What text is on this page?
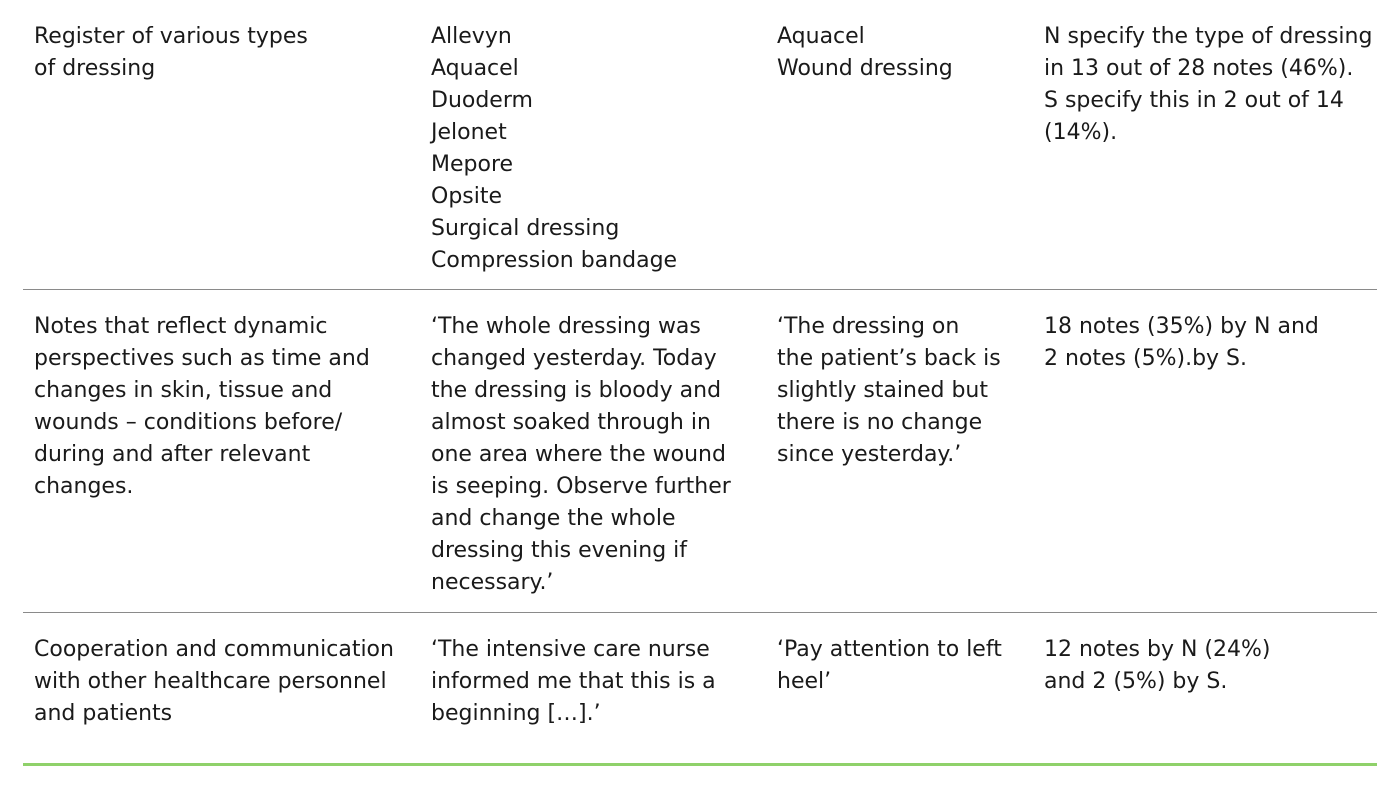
Register of various types
of dressing

Allevyn
Aquacel
Duoderm
Jelonet
Mepore
Opsite
Surgical dressing
Compression bandage

Aquacel
Wound dressing

N specify the type of dressing
in 13 out of 28 notes (46%).
S specify this in 2 out of 14
(14%).

Notes that reflect dynamic
perspectives such as time and
changes in skin, tissue and
wounds – conditions before/
during and after relevant
changes.

‘The whole dressing was
changed yesterday. Today
the dressing is bloody and
almost soaked through in
one area where the wound
is seeping. Observe further
and change the whole
dressing this evening if
necessary.’

‘The dressing on
the patient’s back is
slightly stained but
there is no change
since yesterday.’

18 notes (35%) by N and
2 notes (5%).by S.

Cooperation and communication
with other healthcare personnel
and patients

‘The intensive care nurse
informed me that this is a
beginning […].’

‘Pay attention to left
heel’

12 notes by N (24%)
and 2 (5%) by S.
